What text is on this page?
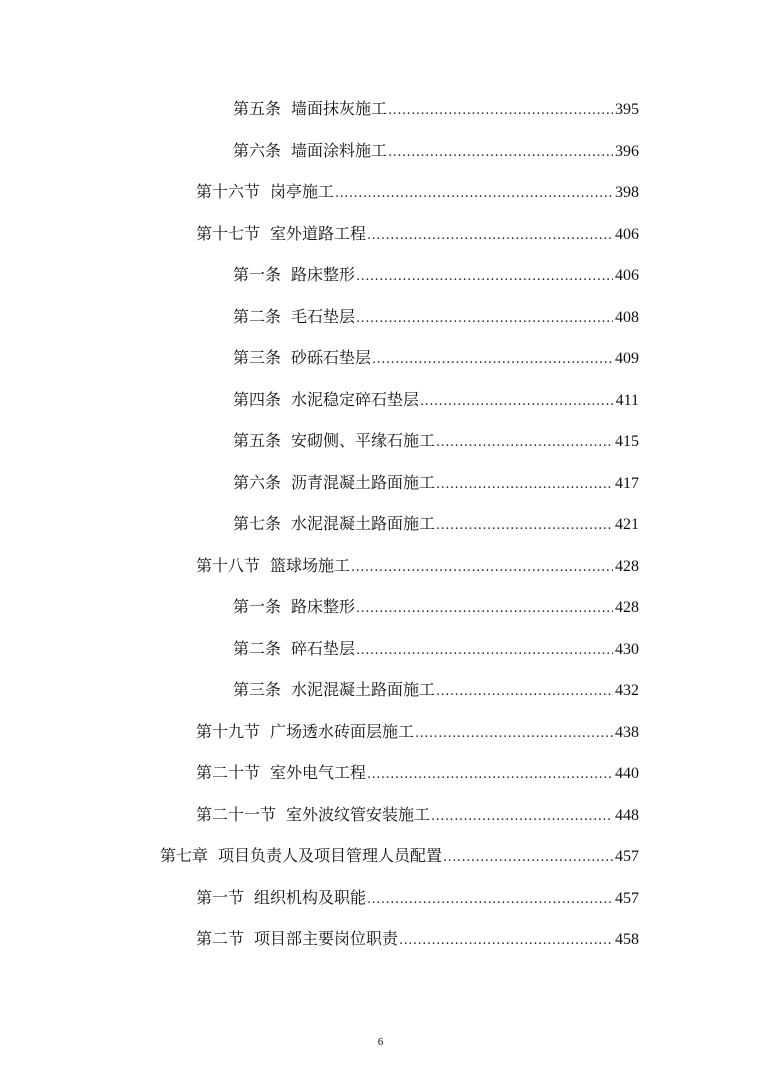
第五条 墙面抹灰施工 .....	395
第六条 墙面涂料施工 .....	396
第十六节 岗亭施工 .....	398
第十七节 室外道路工程 .....	406
第一条 路床整形 .....	406
第二条 毛石垫层 .....	408
第三条 砂砾石垫层 .....	409
第四条 水泥稳定碎石垫层 .....	411
第五条 安砌侧、平缘石施工 .....	415
第六条 沥青混凝土路面施工 .....	417
第七条 水泥混凝土路面施工 .....	421
第十八节 篮球场施工 .....	428
第一条 路床整形 .....	428
第二条 碎石垫层 .....	430
第三条 水泥混凝土路面施工 .....	432
第十九节 广场透水砖面层施工 .....	438
第二十节 室外电气工程 .....	440
第二十一节 室外波纹管安装施工 .....	448
第七章 项目负责人及项目管理人员配置 .....	457
第一节 组织机构及职能 .....	457
第二节 项目部主要岗位职责 .....	458
6
